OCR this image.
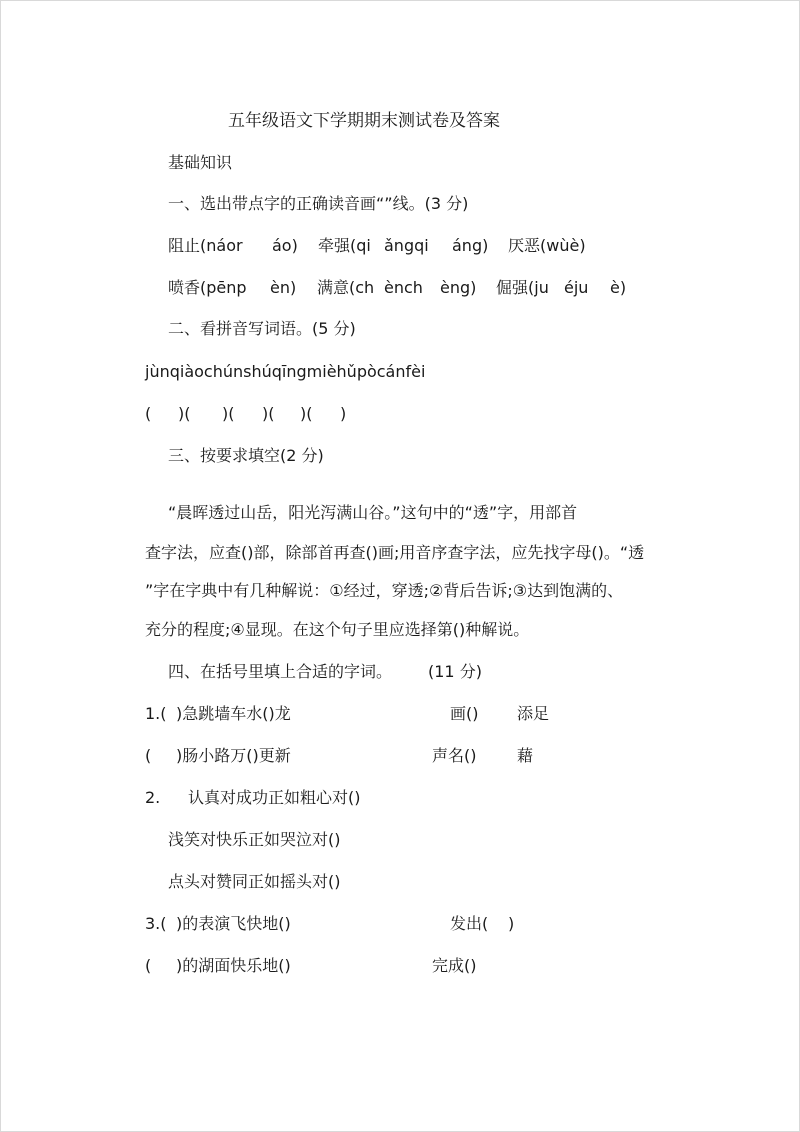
五年级语文下学期期末测试卷及答案
基础知识
一、选出带点字的正确读音画“”线。(3 分)
阻止(náor áo) 牵强(qi ǎngqi áng) 厌恶(wùè)
喷香(pēnp èn) 满意(ch ènch èng) 倔强(ju éju è)
二、看拼音写词语。(5 分)
jùnqiàochúnshúqīngmièhǔpòcánfèi
( )( )( )( )( )
三、按要求填空(2 分)
“晨晖透过山岳，阳光泻满山谷。”这句中的“透”字，用部首
查字法，应查()部，除部首再查()画;用音序查字法，应先找字母()。“透
”字在字典中有几种解说：①经过，穿透;②背后告诉;③达到饱满的、
充分的程度;④显现。在这个句子里应选择第()种解说。
四、在括号里填上合适的字词。 (11 分)
1.( )急跳墙车水()龙	画() 添足
( )肠小路万()更新	声名()	藉
2. 认真对成功正如粗心对()
浅笑对快乐正如哭泣对()
点头对赞同正如摇头对()
3.( )的表演飞快地()	发出( )
( )的湖面快乐地()	完成()
